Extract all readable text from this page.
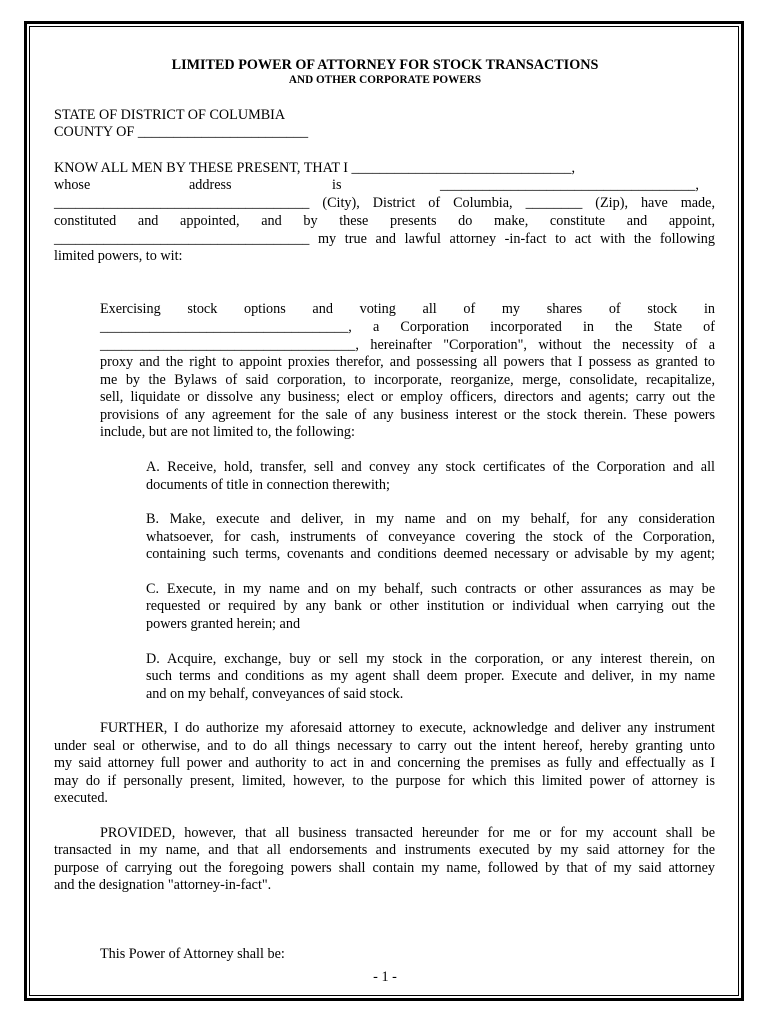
LIMITED POWER OF ATTORNEY FOR STOCK TRANSACTIONS
AND OTHER CORPORATE POWERS
STATE OF DISTRICT OF COLUMBIA
COUNTY OF ________________________
KNOW ALL MEN BY THESE PRESENT, THAT I _______________________________,
whose	address	is	____________________________________,
____________________________________ (City), District of Columbia, ________ (Zip), have made,
constituted and appointed, and by these presents do make, constitute and appoint,
____________________________________ my true and lawful attorney -in-fact to act with the following
limited powers, to wit:
Exercising stock options and voting all of my shares of stock in
___________________________________, a Corporation incorporated in the State of
____________________________________, hereinafter "Corporation", without the necessity of a
proxy and the right to appoint proxies therefor, and possessing all powers that I possess as granted to
me by the Bylaws of said corporation, to incorporate, reorganize, merge, consolidate, recapitalize,
sell, liquidate or dissolve any business; elect or employ officers, directors and agents; carry out the
provisions of any agreement for the sale of any business interest or the stock therein. These powers
include, but are not limited to, the following:
A. Receive, hold, transfer, sell and convey any stock certificates of the Corporation and all
documents of title in connection therewith;
B. Make, execute and deliver, in my name and on my behalf, for any consideration
whatsoever, for cash, instruments of conveyance covering the stock of the Corporation,
containing such terms, covenants and conditions deemed necessary or advisable by my agent;
C. Execute, in my name and on my behalf, such contracts or other assurances as may be
requested or required by any bank or other institution or individual when carrying out the
powers granted herein; and
D. Acquire, exchange, buy or sell my stock in the corporation, or any interest therein, on
such terms and conditions as my agent shall deem proper. Execute and deliver, in my name
and on my behalf, conveyances of said stock.
FURTHER, I do authorize my aforesaid attorney to execute, acknowledge and deliver any instrument
under seal or otherwise, and to do all things necessary to carry out the intent hereof, hereby granting unto
my said attorney full power and authority to act in and concerning the premises as fully and effectually as I
may do if personally present, limited, however, to the purpose for which this limited power of attorney is
executed.
PROVIDED, however, that all business transacted hereunder for me or for my account shall be
transacted in my name, and that all endorsements and instruments executed by my said attorney for the
purpose of carrying out the foregoing powers shall contain my name, followed by that of my said attorney
and the designation "attorney-in-fact".
This Power of Attorney shall be:
- 1 -
